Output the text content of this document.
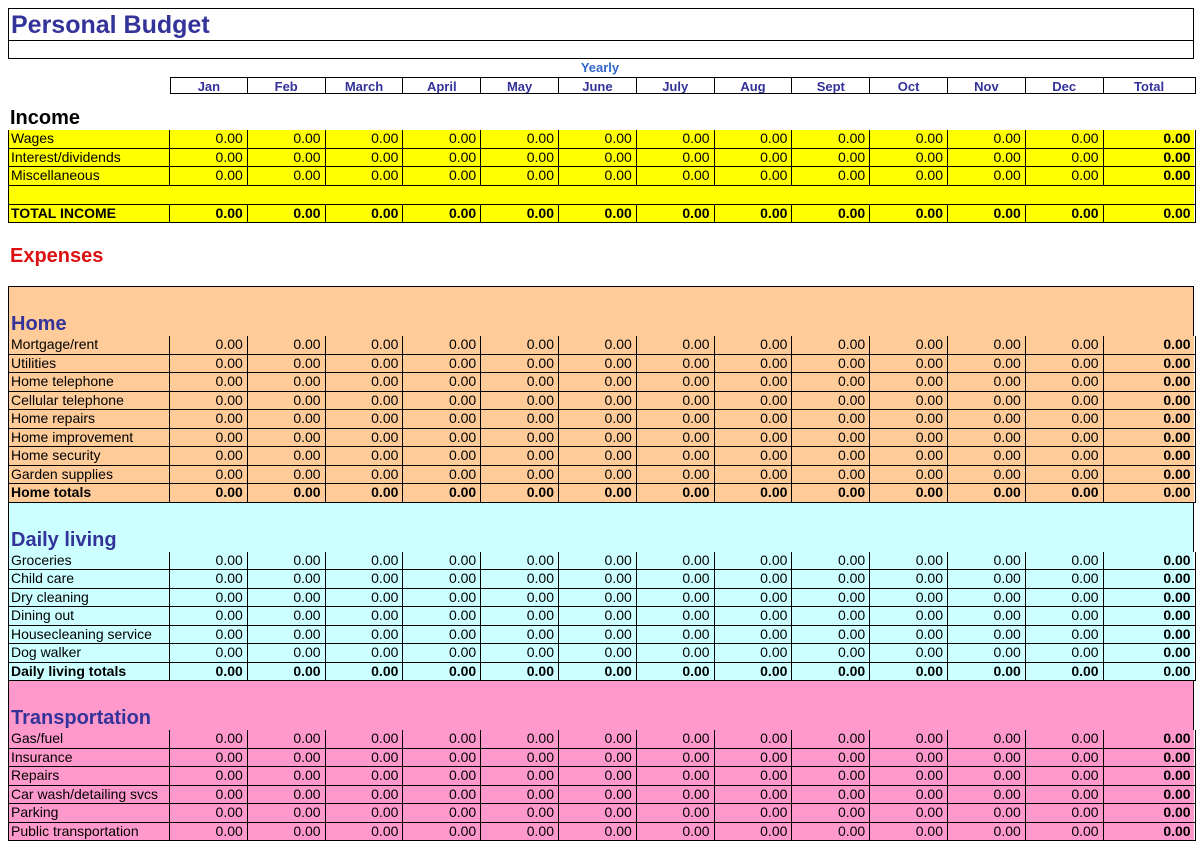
Personal Budget
Yearly
Jan	Feb	March	April	May	June	July	Aug	Sept	Oct	Nov	Dec	Total
Income
Wages	0.00	0.00	0.00	0.00	0.00	0.00	0.00	0.00	0.00	0.00	0.00	0.00	0.00
Interest/dividends	0.00	0.00	0.00	0.00	0.00	0.00	0.00	0.00	0.00	0.00	0.00	0.00	0.00
Miscellaneous	0.00	0.00	0.00	0.00	0.00	0.00	0.00	0.00	0.00	0.00	0.00	0.00	0.00
TOTAL INCOME	0.00	0.00	0.00	0.00	0.00	0.00	0.00	0.00	0.00	0.00	0.00	0.00	0.00
Expenses
Home
Mortgage/rent	0.00	0.00	0.00	0.00	0.00	0.00	0.00	0.00	0.00	0.00	0.00	0.00	0.00
Utilities	0.00	0.00	0.00	0.00	0.00	0.00	0.00	0.00	0.00	0.00	0.00	0.00	0.00
Home telephone	0.00	0.00	0.00	0.00	0.00	0.00	0.00	0.00	0.00	0.00	0.00	0.00	0.00
Cellular telephone	0.00	0.00	0.00	0.00	0.00	0.00	0.00	0.00	0.00	0.00	0.00	0.00	0.00
Home repairs	0.00	0.00	0.00	0.00	0.00	0.00	0.00	0.00	0.00	0.00	0.00	0.00	0.00
Home improvement	0.00	0.00	0.00	0.00	0.00	0.00	0.00	0.00	0.00	0.00	0.00	0.00	0.00
Home security	0.00	0.00	0.00	0.00	0.00	0.00	0.00	0.00	0.00	0.00	0.00	0.00	0.00
Garden supplies	0.00	0.00	0.00	0.00	0.00	0.00	0.00	0.00	0.00	0.00	0.00	0.00	0.00
Home totals	0.00	0.00	0.00	0.00	0.00	0.00	0.00	0.00	0.00	0.00	0.00	0.00	0.00
Daily living
Groceries	0.00	0.00	0.00	0.00	0.00	0.00	0.00	0.00	0.00	0.00	0.00	0.00	0.00
Child care	0.00	0.00	0.00	0.00	0.00	0.00	0.00	0.00	0.00	0.00	0.00	0.00	0.00
Dry cleaning	0.00	0.00	0.00	0.00	0.00	0.00	0.00	0.00	0.00	0.00	0.00	0.00	0.00
Dining out	0.00	0.00	0.00	0.00	0.00	0.00	0.00	0.00	0.00	0.00	0.00	0.00	0.00
Housecleaning service	0.00	0.00	0.00	0.00	0.00	0.00	0.00	0.00	0.00	0.00	0.00	0.00	0.00
Dog walker	0.00	0.00	0.00	0.00	0.00	0.00	0.00	0.00	0.00	0.00	0.00	0.00	0.00
Daily living totals	0.00	0.00	0.00	0.00	0.00	0.00	0.00	0.00	0.00	0.00	0.00	0.00	0.00
Transportation
Gas/fuel	0.00	0.00	0.00	0.00	0.00	0.00	0.00	0.00	0.00	0.00	0.00	0.00	0.00
Insurance	0.00	0.00	0.00	0.00	0.00	0.00	0.00	0.00	0.00	0.00	0.00	0.00	0.00
Repairs	0.00	0.00	0.00	0.00	0.00	0.00	0.00	0.00	0.00	0.00	0.00	0.00	0.00
Car wash/detailing svcs	0.00	0.00	0.00	0.00	0.00	0.00	0.00	0.00	0.00	0.00	0.00	0.00	0.00
Parking	0.00	0.00	0.00	0.00	0.00	0.00	0.00	0.00	0.00	0.00	0.00	0.00	0.00
Public transportation	0.00	0.00	0.00	0.00	0.00	0.00	0.00	0.00	0.00	0.00	0.00	0.00	0.00
